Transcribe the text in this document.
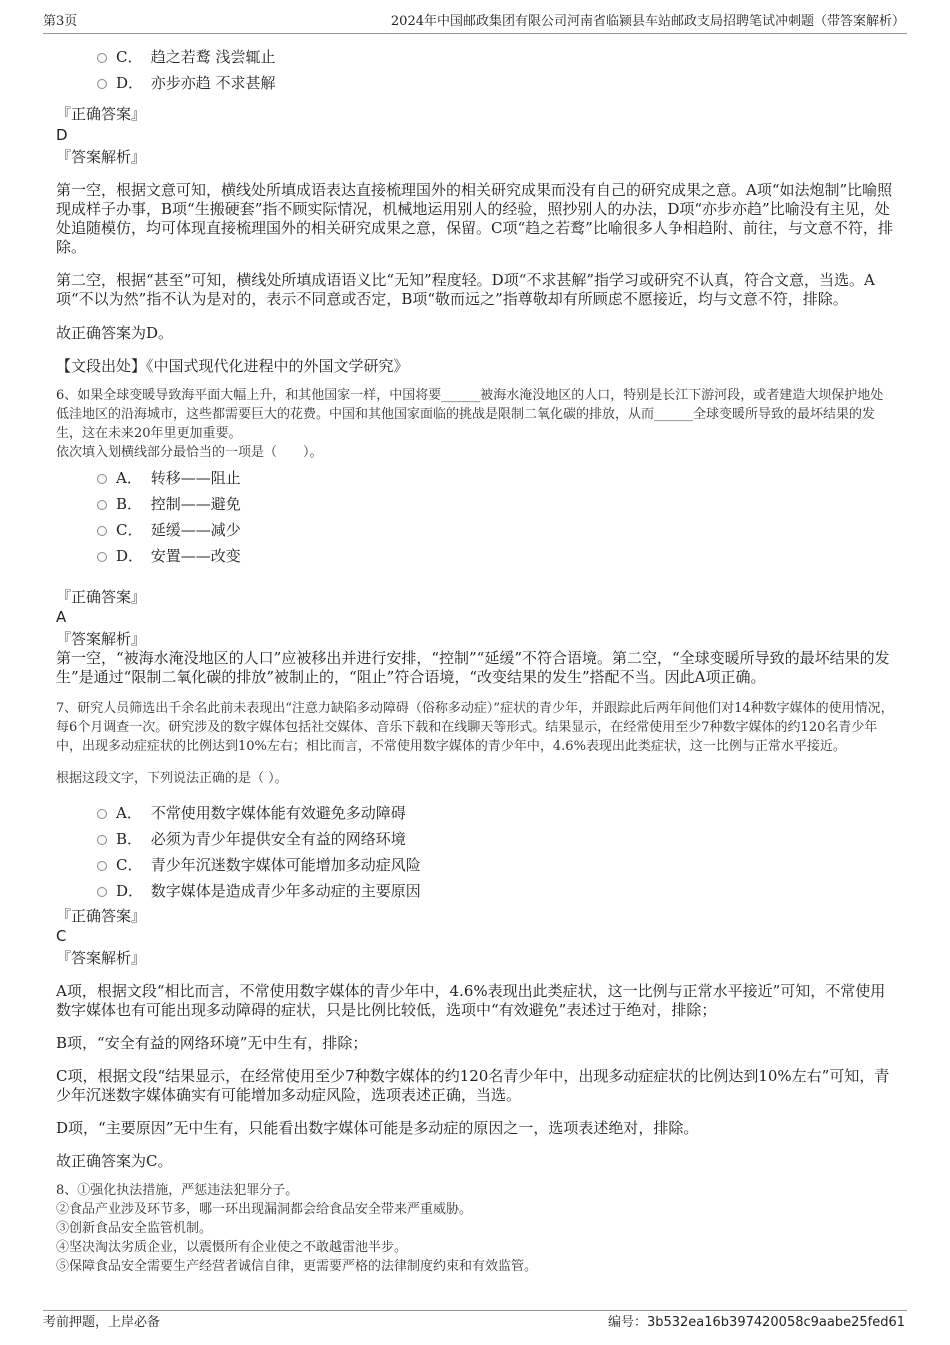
第3页	2024年中国邮政集团有限公司河南省临颍县车站邮政支局招聘笔试冲刺题（带答案解析）
C． 趋之若鹜 浅尝辄止
D． 亦步亦趋 不求甚解

『正确答案』

D

『答案解析』

第一空，根据文意可知，横线处所填成语表达直接梳理国外的相关研究成果而没有自己的研究成果之意。A项“如法炮制”比喻照现成样子办事，B项“生搬硬套”指不顾实际情况，机械地运用别人的经验，照抄别人的办法，D项“亦步亦趋”比喻没有主见，处处追随模仿，均可体现直接梳理国外的相关研究成果之意，保留。C项“趋之若鹜”比喻很多人争相趋附、前往，与文意不符，排除。

第二空，根据“甚至”可知，横线处所填成语语义比“无知”程度轻。D项“不求甚解”指学习或研究不认真，符合文意，当选。A项“不以为然”指不认为是对的，表示不同意或否定，B项“敬而远之”指尊敬却有所顾虑不愿接近，均与文意不符，排除。

故正确答案为D。

【文段出处】《中国式现代化进程中的外国文学研究》

6、如果全球变暖导致海平面大幅上升，和其他国家一样，中国将要______被海水淹没地区的人口，特别是长江下游河段，或者建造大坝保护地处低洼地区的沿海城市，这些都需要巨大的花费。中国和其他国家面临的挑战是限制二氧化碳的排放，从而______全球变暖所导致的最坏结果的发生，这在未来20年里更加重要。

依次填入划横线部分最恰当的一项是（　　）。

A． 转移——阻止
B． 控制——避免
C． 延缓——减少
D． 安置——改变

『正确答案』

A

『答案解析』

第一空，“被海水淹没地区的人口”应被移出并进行安排，“控制”“延缓”不符合语境。第二空，“全球变暖所导致的最坏结果的发生”是通过“限制二氧化碳的排放”被制止的，“阻止”符合语境，“改变结果的发生”搭配不当。因此A项正确。

7、研究人员筛选出千余名此前未表现出“注意力缺陷多动障碍（俗称多动症）”症状的青少年，并跟踪此后两年间他们对14种数字媒体的使用情况，每6个月调查一次。研究涉及的数字媒体包括社交媒体、音乐下载和在线聊天等形式。结果显示，在经常使用至少7种数字媒体的约120名青少年中，出现多动症症状的比例达到10%左右；相比而言，不常使用数字媒体的青少年中，4.6%表现出此类症状，这一比例与正常水平接近。

根据这段文字，下列说法正确的是（ ）。

A． 不常使用数字媒体能有效避免多动障碍
B． 必须为青少年提供安全有益的网络环境
C． 青少年沉迷数字媒体可能增加多动症风险
D． 数字媒体是造成青少年多动症的主要原因

『正确答案』

C

『答案解析』

A项，根据文段“相比而言，不常使用数字媒体的青少年中，4.6%表现出此类症状，这一比例与正常水平接近”可知，不常使用数字媒体也有可能出现多动障碍的症状，只是比例比较低，选项中“有效避免”表述过于绝对，排除；

B项，“安全有益的网络环境”无中生有，排除；

C项，根据文段“结果显示，在经常使用至少7种数字媒体的约120名青少年中，出现多动症症状的比例达到10%左右”可知，青少年沉迷数字媒体确实有可能增加多动症风险，选项表述正确，当选。

D项，“主要原因”无中生有，只能看出数字媒体可能是多动症的原因之一，选项表述绝对，排除。

故正确答案为C。

8、①强化执法措施，严惩违法犯罪分子。

②食品产业涉及环节多，哪一环出现漏洞都会给食品安全带来严重威胁。

③创新食品安全监管机制。

④坚决淘汰劣质企业，以震慑所有企业使之不敢越雷池半步。

⑤保障食品安全需要生产经营者诚信自律，更需要严格的法律制度约束和有效监管。

考前押题，上岸必备	编号：3b532ea16b397420058c9aabe25fed61
